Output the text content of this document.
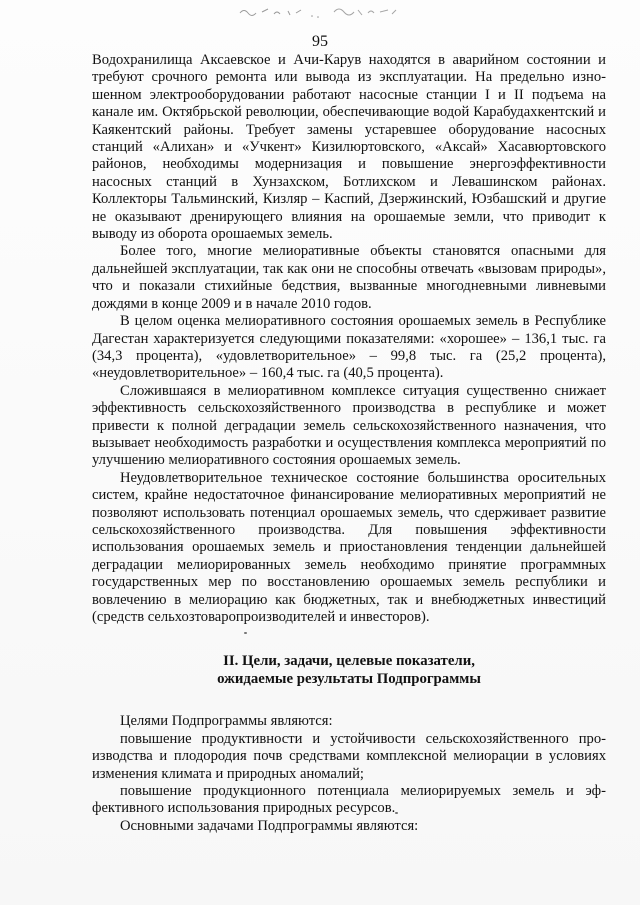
95

Водохранилища Аксаевское и Ачи-Карув находятся в аварийном состоянии и требуют срочного ремонта или вывода из эксплуатации. На предельно изношенном электрооборудовании работают насосные станции I и II подъема на канале им. Октябрьской революции, обеспечивающие водой Карабудахкентский и Каякентский районы. Требует замены устаревшее оборудование насосных станций «Алихан» и «Учкент» Кизилюртовского, «Аксай» Хасавюртовского районов, необходимы модернизация и повышение энергоэффективности насосных станций в Хунзахском, Ботлихском и Левашинском районах. Коллекторы Тальминский, Кизляр – Каспий, Дзержинский, Юзбашский и другие не оказывают дренирующего влияния на орошаемые земли, что приводит к выводу из оборота орошаемых земель.

Более того, многие мелиоративные объекты становятся опасными для дальнейшей эксплуатации, так как они не способны отвечать «вызовам природы», что и показали стихийные бедствия, вызванные многодневными ливневыми дождями в конце 2009 и в начале 2010 годов.

В целом оценка мелиоративного состояния орошаемых земель в Республике Дагестан характеризуется следующими показателями: «хорошее» – 136,1 тыс. га (34,3 процента), «удовлетворительное» – 99,8 тыс. га (25,2 процента), «неудовлетворительное» – 160,4 тыс. га (40,5 процента).

Сложившаяся в мелиоративном комплексе ситуация существенно снижает эффективность сельскохозяйственного производства в республике и может привести к полной деградации земель сельскохозяйственного назначения, что вызывает необходимость разработки и осуществления комплекса мероприятий по улучшению мелиоративного состояния орошаемых земель.

Неудовлетворительное техническое состояние большинства оросительных систем, крайне недостаточное финансирование мелиоративных мероприятий не позволяют использовать потенциал орошаемых земель, что сдерживает развитие сельскохозяйственного производства. Для повышения эффективности использования орошаемых земель и приостановления тенденции дальнейшей деградации мелиорированных земель необходимо принятие программных государственных мер по восстановлению орошаемых земель республики и вовлечению в мелиорацию как бюджетных, так и внебюджетных инвестиций (средств сельхозтоваропроизводителей и инвесторов).

II. Цели, задачи, целевые показатели,
ожидаемые результаты Подпрограммы

Целями Подпрограммы являются:

повышение продуктивности и устойчивости сельскохозяйственного производства и плодородия почв средствами комплексной мелиорации в условиях изменения климата и природных аномалий;

повышение продукционного потенциала мелиорируемых земель и эффективного использования природных ресурсов.

Основными задачами Подпрограммы являются:
